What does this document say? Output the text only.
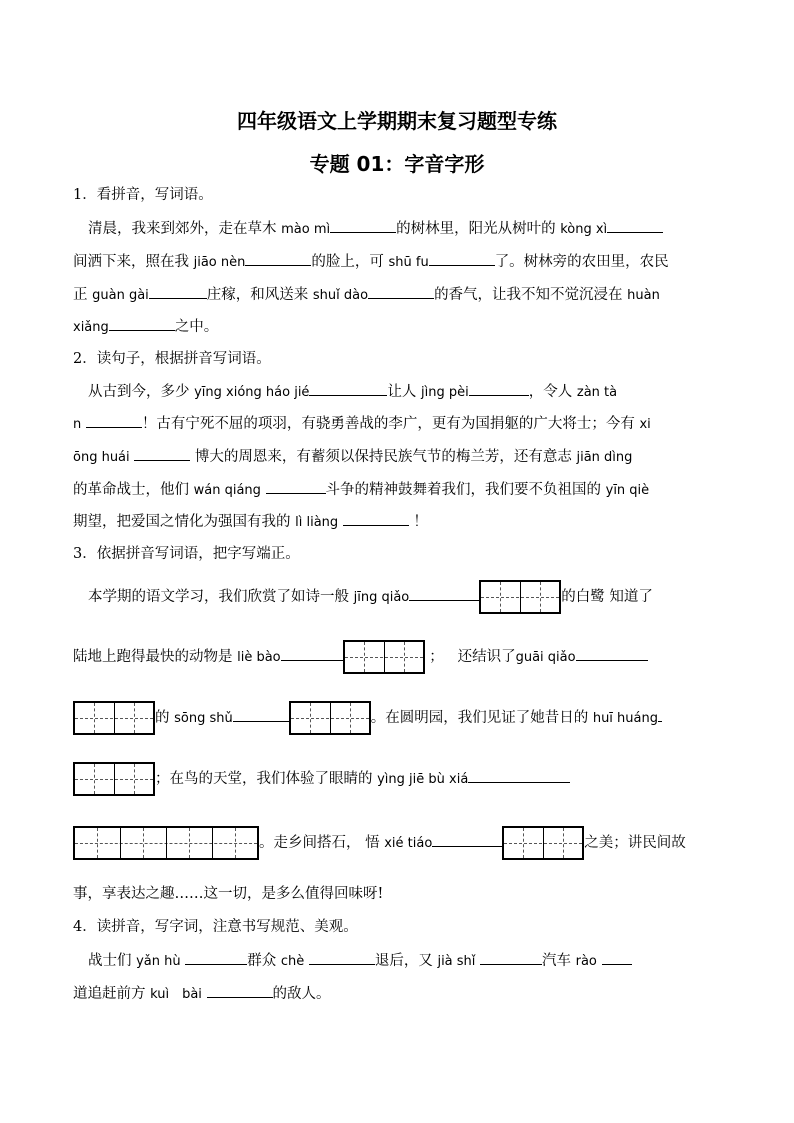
四年级语文上学期期末复习题型专练
专题 01：字音字形
1．看拼音，写词语。
清晨，我来到郊外，走在草木 mào mì	的树林里，阳光从树叶的 kòng xì
间洒下来，照在我 jiāo nèn	的脸上，可 shū fu	了。树林旁的农田里，农民
正 guàn gài	庄稼，和风送来 shuǐ dào	的香气，让我不知不觉沉浸在 huàn
xiǎng	之中。
2．读句子，根据拼音写词语。
从古到今，多少 yīng xióng háo jié	让人 jìng pèi	，令人 zàn tà
n	！古有宁死不屈的项羽，有骁勇善战的李广，更有为国捐躯的广大将士；今有 xi
ōng huái	博大的周恩来，有蓄须以保持民族气节的梅兰芳，还有意志 jiān dìng
的革命战士，他们 wán qiáng	斗争的精神鼓舞着我们，我们要不负祖国的 yīn qiè
期望，把爱国之情化为强国有我的 lì liàng	！
3．依据拼音写词语，把字写端正。
本学期的语文学习，我们欣赏了如诗一般 jīng qiǎo	的白鹭 知道了
陆地上跑得最快的动物是 liè bào	； 还结识了guāi qiǎo
的 sōng shǔ	。在圆明园，我们见证了她昔日的 huī huáng
；在鸟的天堂，我们体验了眼睛的 yìng jiē bù xiá
。走乡间搭石， 悟 xié tiáo	之美；讲民间故
事，享表达之趣……这一切，是多么值得回味呀!
4．读拼音，写字词，注意书写规范、美观。
战士们 yǎn hù	群众 chè	退后，又 jià shǐ	汽车 rào
道追赶前方 kuì　bài	的敌人。
